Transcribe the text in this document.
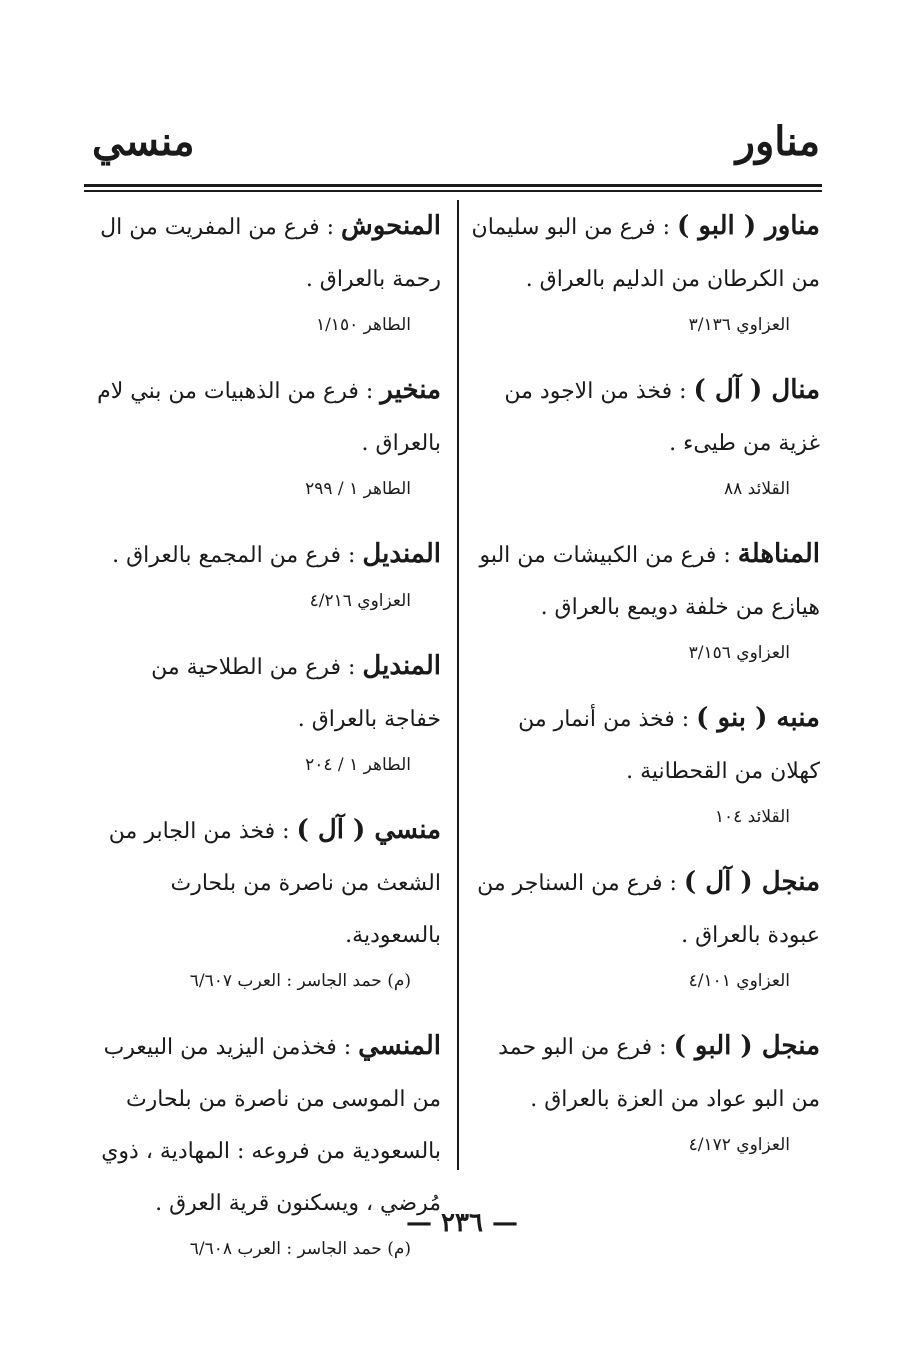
مناور
منسي

مناور ( البو ) : فرع من البو سليمان من الكرطان من الدليم بالعراق .

العزاوي ٣/١٣٦

منال ( آل ) : فخذ من الاجود من غزية من طيىء .

القلائد ٨٨

المناهلة : فرع من الكبيشات من البو هيازع من خلفة دويمع بالعراق .

العزاوي ٣/١٥٦

منبه ( بنو ) : فخذ من أنمار من كهلان من القحطانية .

القلائد ١٠٤

منجل ( آل ) : فرع من السناجر من عبودة بالعراق .

العزاوي ٤/١٠١

منجل ( البو ) : فرع من البو حمد من البو عواد من العزة بالعراق .

العزاوي ٤/١٧٢

المنحوش : فرع من المفريت من ال رحمة بالعراق .

الطاهر ١/١٥٠

منخير : فرع من الذهبيات من بني لام بالعراق .

الطاهر ١ / ٢٩٩

المنديل : فرع من المجمع بالعراق .

العزاوي ٤/٢١٦

المنديل : فرع من الطلاحية من خفاجة بالعراق .

الطاهر ١ / ٢٠٤

منسي ( آل ) : فخذ من الجابر من الشعث من ناصرة من بلحارث بالسعودية.

(م) حمد الجاسر : العرب ٦/٦٠٧

المنسي : فخذمن اليزيد من البيعرب من الموسى من ناصرة من بلحارث بالسعودية من فروعه : المهادية ، ذوي مُرضي ، ويسكنون قرية العرق .

(م) حمد الجاسر : العرب ٦/٦٠٨

— ٢٣٦ —
